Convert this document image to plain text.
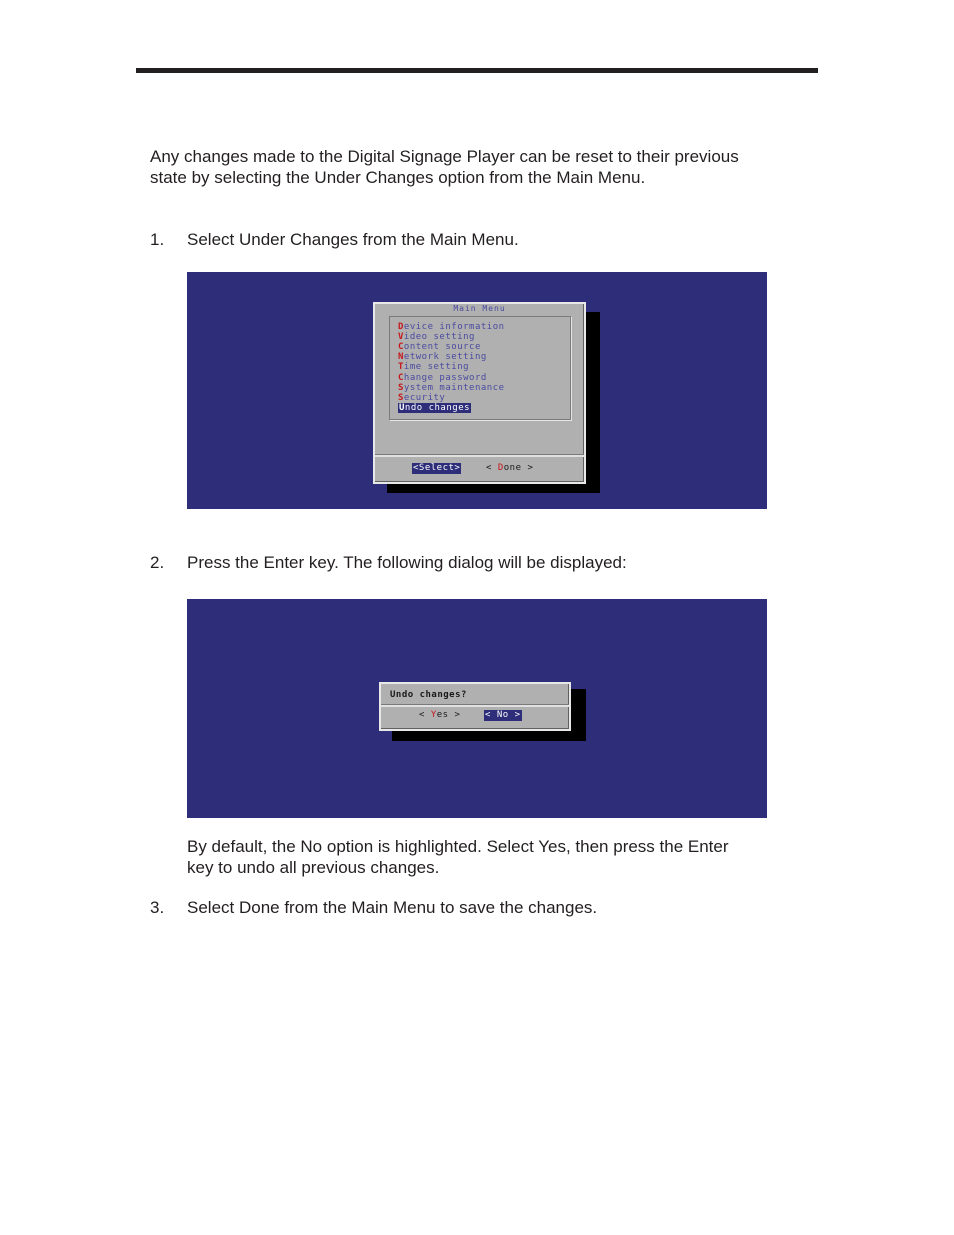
Any changes made to the Digital Signage Player can be reset to their previous
state by selecting the Under Changes option from the Main Menu.

1. Select Under Changes from the Main Menu.
Main Menu
Device information
Video setting
Content source
Network setting
Time setting
Change password
System maintenance
Security
Undo changes
<Select>	< Done >
2. Press the Enter key. The following dialog will be displayed:
Undo changes?
< Yes >	< No >

By default, the No option is highlighted. Select Yes, then press the Enter
key to undo all previous changes.

3. Select Done from the Main Menu to save the changes.
